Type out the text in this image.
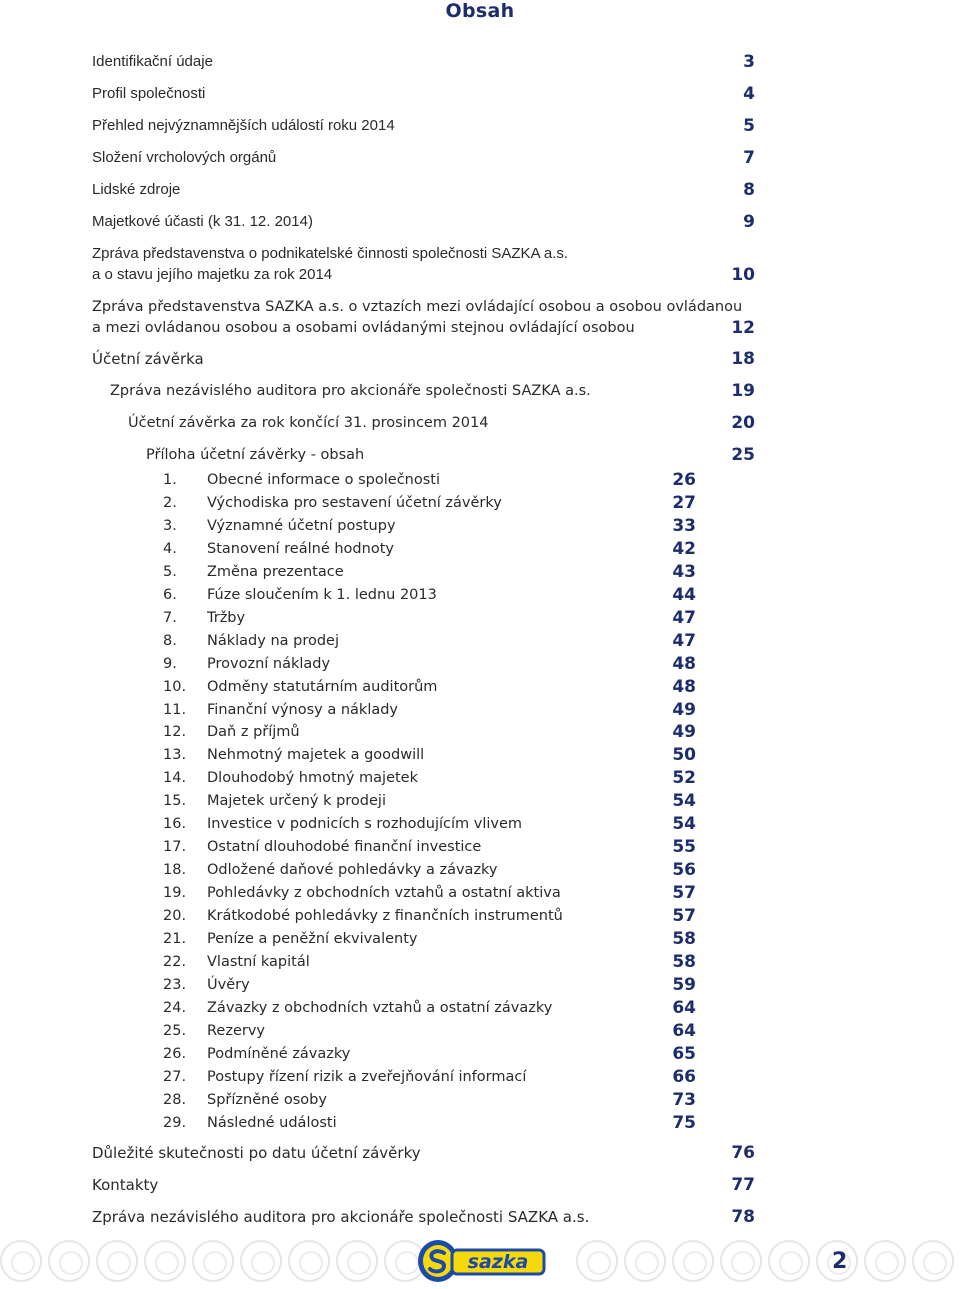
Obsah
Identifikační údaje	3
Profil společnosti	4
Přehled nejvýznamnějších událostí roku 2014	5
Složení vrcholových orgánů	7
Lidské zdroje	8
Majetkové účasti (k 31. 12. 2014)	9
Zpráva představenstva o podnikatelské činnosti společnosti SAZKA a.s.
a o stavu jejího majetku za rok 2014	10
Zpráva představenstva SAZKA a.s. o vztazích mezi ovládající osobou a osobou ovládanou
a mezi ovládanou osobou a osobami ovládanými stejnou ovládající osobou	12
Účetní závěrka	18
Zpráva nezávislého auditora pro akcionáře společnosti SAZKA a.s.	19
Účetní závěrka za rok končící 31. prosincem 2014	20
Příloha účetní závěrky - obsah	25
1. Obecné informace o společnosti	26
2. Východiska pro sestavení účetní závěrky	27
3. Významné účetní postupy	33
4. Stanovení reálné hodnoty	42
5. Změna prezentace	43
6. Fúze sloučením k 1. lednu 2013	44
7. Tržby	47
8. Náklady na prodej	47
9. Provozní náklady	48
10. Odměny statutárním auditorům	48
11. Finanční výnosy a náklady	49
12. Daň z příjmů	49
13. Nehmotný majetek a goodwill	50
14. Dlouhodobý hmotný majetek	52
15. Majetek určený k prodeji	54
16. Investice v podnicích s rozhodujícím vlivem	54
17. Ostatní dlouhodobé finanční investice	55
18. Odložené daňové pohledávky a závazky	56
19. Pohledávky z obchodních vztahů a ostatní aktiva	57
20. Krátkodobé pohledávky z finančních instrumentů	57
21. Peníze a peněžní ekvivalenty	58
22. Vlastní kapitál	58
23. Úvěry	59
24. Závazky z obchodních vztahů a ostatní závazky	64
25. Rezervy	64
26. Podmíněné závazky	65
27. Postupy řízení rizik a zveřejňování informací	66
28. Spřízněné osoby	73
29. Následné události	75
Důležité skutečnosti po datu účetní závěrky	76
Kontakty	77
Zpráva nezávislého auditora pro akcionáře společnosti SAZKA a.s.	78
sazka	2
